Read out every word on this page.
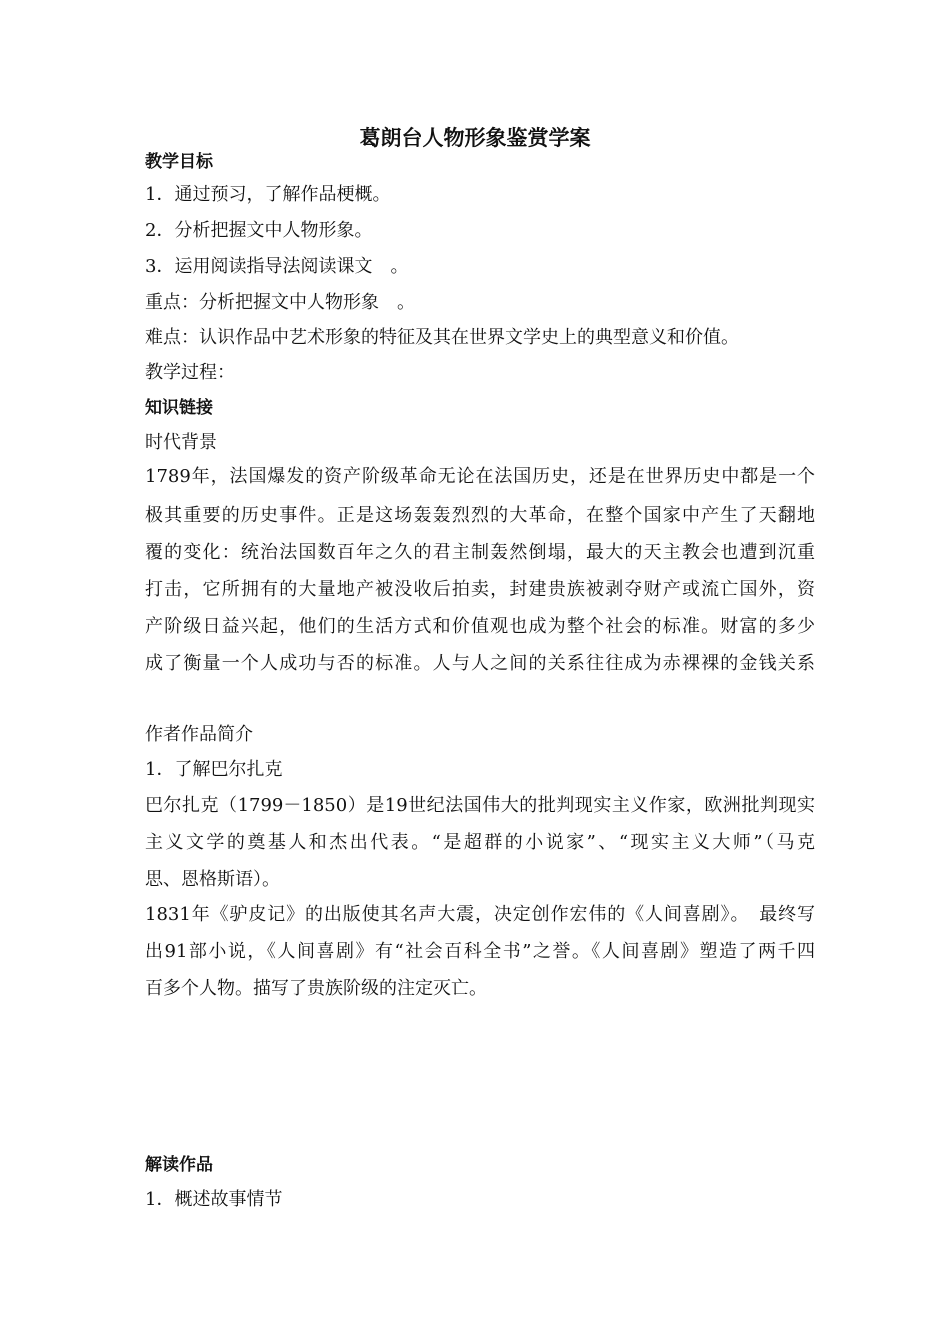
葛朗台人物形象鉴赏学案
教学目标
1．通过预习，了解作品梗概。
2．分析把握文中人物形象。
3．运用阅读指导法阅读课文　。
重点：分析把握文中人物形象　。
难点：认识作品中艺术形象的特征及其在世界文学史上的典型意义和价值。
教学过程：
知识链接
时代背景
1789年，法国爆发的资产阶级革命无论在法国历史，还是在世界历史中都是一个
极其重要的历史事件。正是这场轰轰烈烈的大革命，在整个国家中产生了天翻地
覆的变化：统治法国数百年之久的君主制轰然倒塌，最大的天主教会也遭到沉重
打击，它所拥有的大量地产被没收后拍卖，封建贵族被剥夺财产或流亡国外，资
产阶级日益兴起，他们的生活方式和价值观也成为整个社会的标准。财富的多少
成了衡量一个人成功与否的标准。人与人之间的关系往往成为赤裸裸的金钱关系
作者作品简介
1．了解巴尔扎克
巴尔扎克（1799－1850）是19世纪法国伟大的批判现实主义作家，欧洲批判现实
主义文学的奠基人和杰出代表。“是超群的小说家”、“现实主义大师”（马克
思、恩格斯语）。
1831年《驴皮记》的出版使其名声大震，决定创作宏伟的《人间喜剧》。　最终写
出91部小说，《人间喜剧》有“社会百科全书”之誉。《人间喜剧》塑造了两千四
百多个人物。描写了贵族阶级的注定灭亡。
解读作品
1．概述故事情节
